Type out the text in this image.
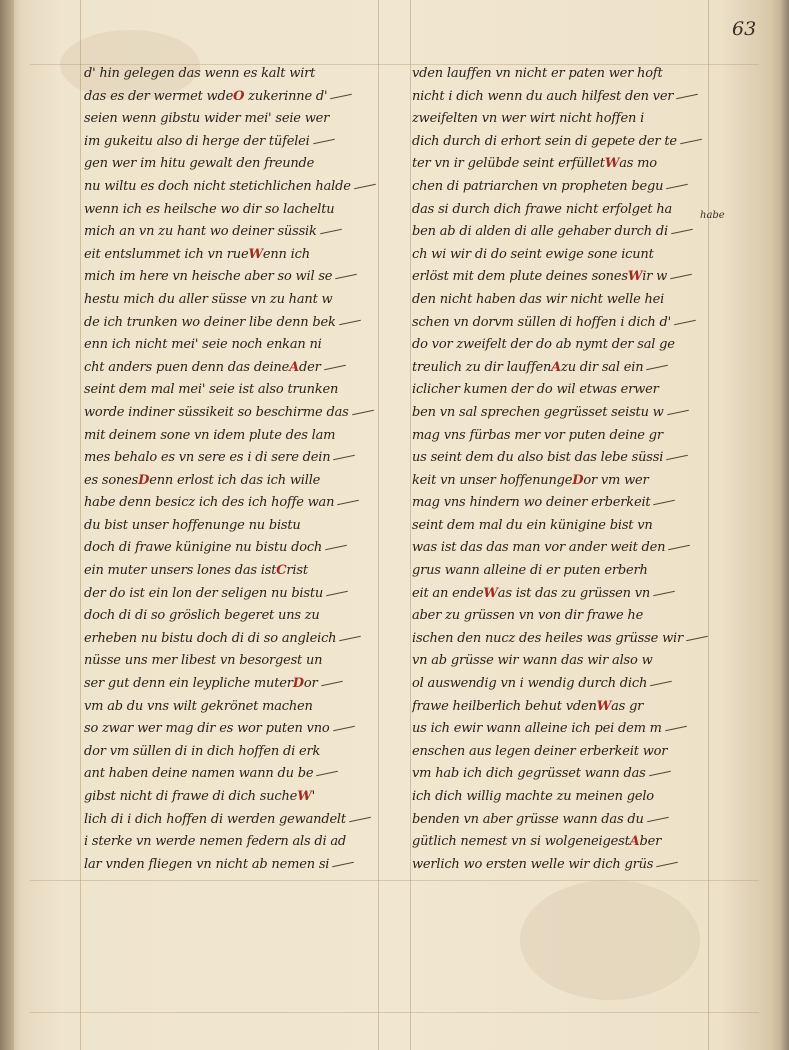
63
habe
d' hin gelegen das wenn es kalt wirt
das es der wermet wdeO zukerinne d'
seien wenn gibstu wider mei' seie wer
im gukeitu also di herge der tüfelei
gen wer im hitu gewalt den freunde
nu wiltu es doch nicht stetichlichen halde
wenn ich es heilsche wo dir so lacheltu
mich an vn zu hant wo deiner süssik
eit entslummet ich vn rueWenn ich
mich im here vn heische aber so wil se
hestu mich du aller süsse vn zu hant w
de ich trunken wo deiner libe denn bek
enn ich nicht mei' seie noch enkan ni
cht anders puen denn das deineAder
seint dem mal mei' seie ist also trunken
worde indiner süssikeit so beschirme das
mit deinem sone vn idem plute des lam
mes behalo es vn sere es i di sere dein
es sonesDenn erlost ich das ich wille
habe denn besicz ich des ich hoffe wan
du bist unser hoffenunge nu bistu
doch di frawe künigine nu bistu doch
ein muter unsers lones das istCrist
der do ist ein lon der seligen nu bistu
doch di di so gröslich begeret uns zu
erheben nu bistu doch di di so angleich
nüsse uns mer libest vn besorgest un
ser gut denn ein leypliche muterDor
vm ab du vns wilt gekrönet machen
so zwar wer mag dir es wor puten vno
dor vm süllen di in dich hoffen di erk
ant haben deine namen wann du be
gibst nicht di frawe di dich sucheW'
lich di i dich hoffen di werden gewandelt
i sterke vn werde nemen federn als di ad
lar vnden fliegen vn nicht ab nemen si
vden lauffen vn nicht er paten wer hoft
nicht i dich wenn du auch hilfest den ver
zweifelten vn wer wirt nicht hoffen i
dich durch di erhort sein di gepete der te
ter vn ir gelübde seint erfülletWas mo
chen di patriarchen vn propheten begu
das si durch dich frawe nicht erfolget ha
ben ab di alden di alle gehaber durch di
ch wi wir di do seint ewige sone icunt
erlöst mit dem plute deines sonesWir w
den nicht haben das wir nicht welle hei
schen vn dorvm süllen di hoffen i dich d'
do vor zweifelt der do ab nymt der sal ge
treulich zu dir lauffenAzu dir sal ein
iclicher kumen der do wil etwas erwer
ben vn sal sprechen gegrüsset seistu w
mag vns fürbas mer vor puten deine gr
us seint dem du also bist das lebe süssi
keit vn unser hoffenungeDor vm wer
mag vns hindern wo deiner erberkeit
seint dem mal du ein künigine bist vn
was ist das das man vor ander weit den
grus wann alleine di er puten erberh
eit an endeWas ist das zu grüssen vn
aber zu grüssen vn von dir frawe he
ischen den nucz des heiles was grüsse wir
vn ab grüsse wir wann das wir also w
ol auswendig vn i wendig durch dich
frawe heilberlich behut vdenWas gr
us ich ewir wann alleine ich pei dem m
enschen aus legen deiner erberkeit wor
vm hab ich dich gegrüsset wann das
ich dich willig machte zu meinen gelo
benden vn aber grüsse wann das du
gütlich nemest vn si wolgeneigestAber
werlich wo ersten welle wir dich grüs
